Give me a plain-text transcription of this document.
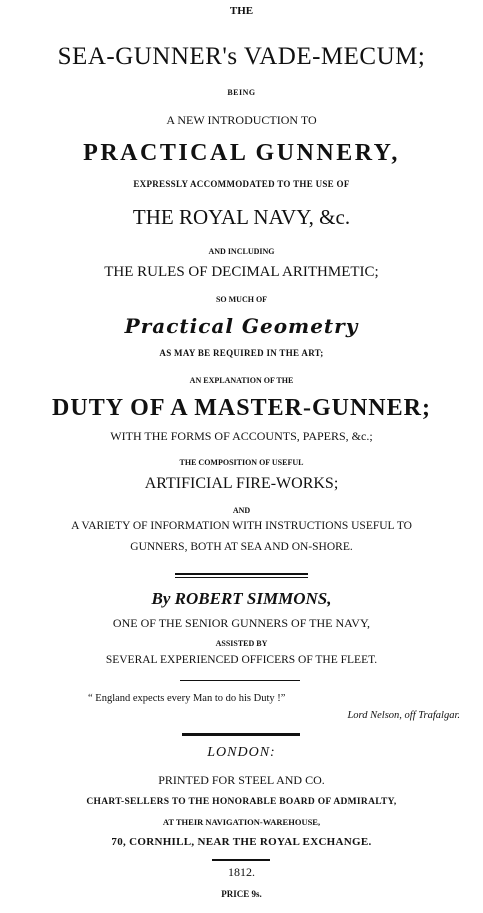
THE
SEA-GUNNER's VADE-MECUM;
BEING
A NEW INTRODUCTION TO
PRACTICAL GUNNERY,
EXPRESSLY ACCOMMODATED TO THE USE OF
THE ROYAL NAVY, &c.
AND INCLUDING
THE RULES OF DECIMAL ARITHMETIC;
SO MUCH OF
Practical Geometry
AS MAY BE REQUIRED IN THE ART;
AN EXPLANATION OF THE
DUTY OF A MASTER-GUNNER;
WITH THE FORMS OF ACCOUNTS, PAPERS, &c.;
THE COMPOSITION OF USEFUL
ARTIFICIAL FIRE-WORKS;
AND
A VARIETY OF INFORMATION WITH INSTRUCTIONS USEFUL TO
GUNNERS, BOTH AT SEA AND ON-SHORE.
By ROBERT SIMMONS,
ONE OF THE SENIOR GUNNERS OF THE NAVY,
ASSISTED BY
SEVERAL EXPERIENCED OFFICERS OF THE FLEET.
“ England expects every Man to do his Duty !”
Lord Nelson, off Trafalgar.
LONDON:
PRINTED FOR STEEL AND CO.
CHART-SELLERS TO THE HONORABLE BOARD OF ADMIRALTY,
AT THEIR NAVIGATION-WAREHOUSE,
70, CORNHILL, NEAR THE ROYAL EXCHANGE.
1812.
PRICE 9s.
